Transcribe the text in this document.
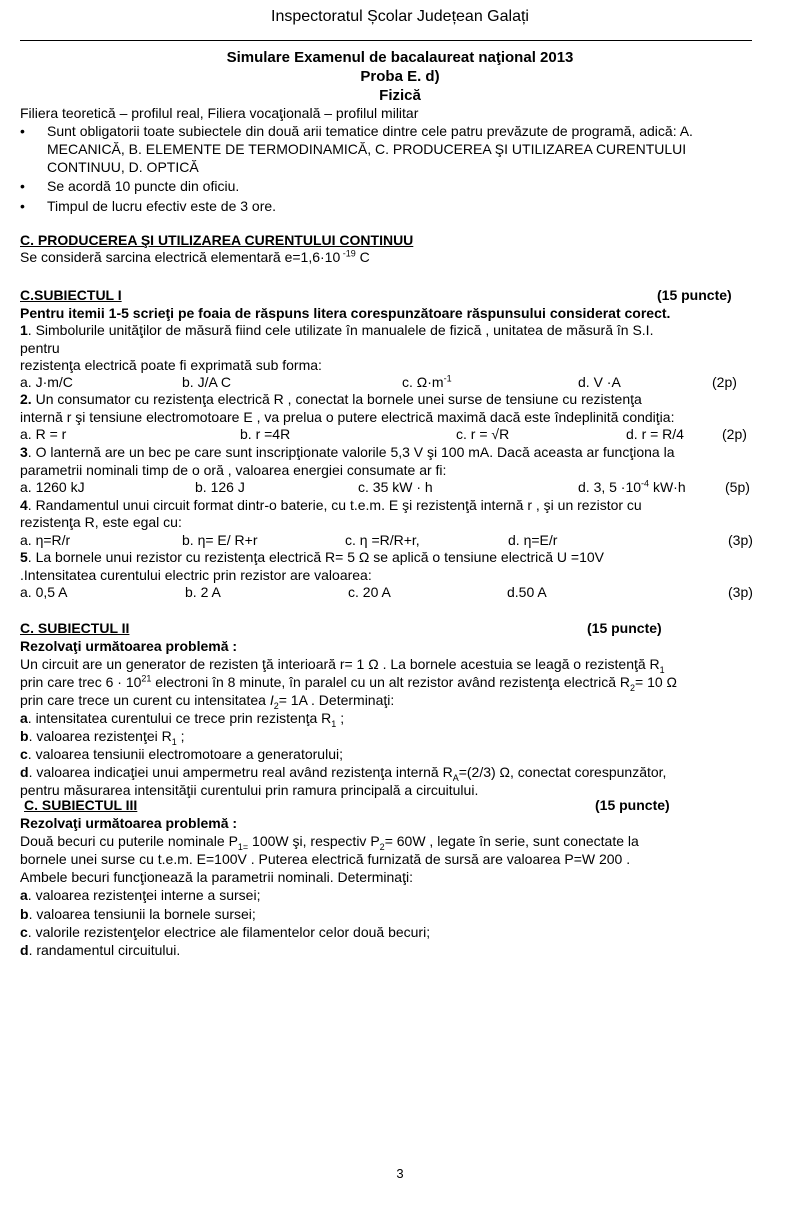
Inspectoratul Școlar Județean Galați
Simulare Examenul de bacalaureat naţional 2013
Proba E. d)
Fizică
Filiera teoretică – profilul real, Filiera vocaţională – profilul militar
• Sunt obligatorii toate subiectele din două arii tematice dintre cele patru prevăzute de programă, adică: A.
MECANICĂ, B. ELEMENTE DE TERMODINAMICĂ, C. PRODUCEREA ŞI UTILIZAREA CURENTULUI
CONTINUU, D. OPTICĂ
• Se acordă 10 puncte din oficiu.
• Timpul de lucru efectiv este de 3 ore.
C. PRODUCEREA ŞI UTILIZAREA CURENTULUI CONTINUU
Se consideră sarcina electrică elementară e=1,6·10 $^{-19}$ C
C.SUBIECTUL I	(15 puncte)
Pentru itemii 1-5 scrieţi pe foaia de răspuns litera corespunzătoare răspunsului considerat corect.
1. Simbolurile unităţilor de măsură fiind cele utilizate în manualele de fizică , unitatea de măsură în S.I.
pentru
rezistenţa electrică poate fi exprimată sub forma:
a. J·m/C	b. J/A C	c. $\Omega\cdot m^{-1}$	d. V ·A	(2p)
2. Un consumator cu rezistenţa electrică R , conectat la bornele unei surse de tensiune cu rezistenţa
internă r şi tensiune electromotoare E , va prelua o putere electrică maximă dacă este îndeplinită condiţia:
a. R = r	b. r =4R	c. r = √R	d. r = R/4	(2p)
3. O lanternă are un bec pe care sunt inscripţionate valorile 5,3 V şi 100 mA. Dacă aceasta ar funcţiona la
parametrii nominali timp de o oră , valoarea energiei consumate ar fi:
a. 1260 kJ	b. 126 J	c. 35 kW · h	d. 3, $5 \cdot 10^{-4}$ kW·h	(5p)
4. Randamentul unui circuit format dintr-o baterie, cu t.e.m. E şi rezistenţă internă r , şi un rezistor cu
rezistenţa R, este egal cu:
a. η=R/r	b. η= E/ R+r	c. η =R/R+r,	d. η=E/r	(3p)
5. La bornele unui rezistor cu rezistenţa electrică R= 5 Ω se aplică o tensiune electrică U =10V
.Intensitatea curentului electric prin rezistor are valoarea:
a. 0,5 A	b. 2 A	c. 20 A	d.50 A	(3p)
C. SUBIECTUL II	(15 puncte)
Rezolvaţi următoarea problemă :
Un circuit are un generator de rezisten ţă interioară r= 1 Ω . La bornele acestuia se leagă o rezistenţă $R_1$
prin care trec $6 \cdot 10^{21}$ electroni în 8 minute, în paralel cu un alt rezistor având rezistenţa electrică $R_2= 10$ Ω
prin care trece un curent cu intensitatea $I_2= 1A$ . Determinaţi:
a. intensitatea curentului ce trece prin rezistenţa $R_1$ ;
b. valoarea rezistenţei $R_1$ ;
c. valoarea tensiunii electromotoare a generatorului;
d. valoarea indicaţiei unui ampermetru real având rezistenţa internă $R_A=(2/3)$ Ω, conectat corespunzător,
pentru măsurarea intensităţii curentului prin ramura principală a circuitului.
C. SUBIECTUL III	(15 puncte)
Rezolvaţi următoarea problemă :
Două becuri cu puterile nominale $P_{1=}$ 100W şi, respectiv $P_2= 60W$ , legate în serie, sunt conectate la
bornele unei surse cu t.e.m. E=100V . Puterea electrică furnizată de sursă are valoarea P=W 200 .
Ambele becuri funcţionează la parametrii nominali. Determinaţi:
a. valoarea rezistenţei interne a sursei;
b. valoarea tensiunii la bornele sursei;
c. valorile rezistenţelor electrice ale filamentelor celor două becuri;
d. randamentul circuitului.
3
